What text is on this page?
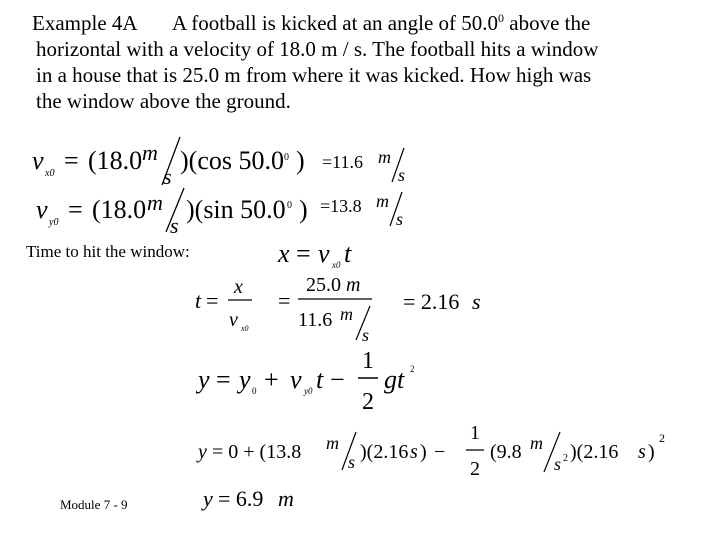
Example 4A	A football is kicked at an angle of 50.0$^0$ above the
horizontal with a velocity of 18.0 m / s. The football hits a window
in a house that is 25.0 m from where it was kicked. How high was
the window above the ground.
v x0 = (18.0 m
s
)(cos 50.0 0 ) =11.6 m
s
v y0 = (18.0 m
s
)(sin 50.0 0 ) =13.8 m
s
x = v x0 t
t =
x
v x0
=
25.0 m
11.6 m
s
= 2.16 s
y = y 0 + v y0 t −
1
2
gt 2
y = 0 + (13.8 m
s )(2.16 s ) −
1
2
(9.8 m
s 2 )(2.16 s )
2
y = 6.9 m
Time to hit the window:
Module 7 - 9
